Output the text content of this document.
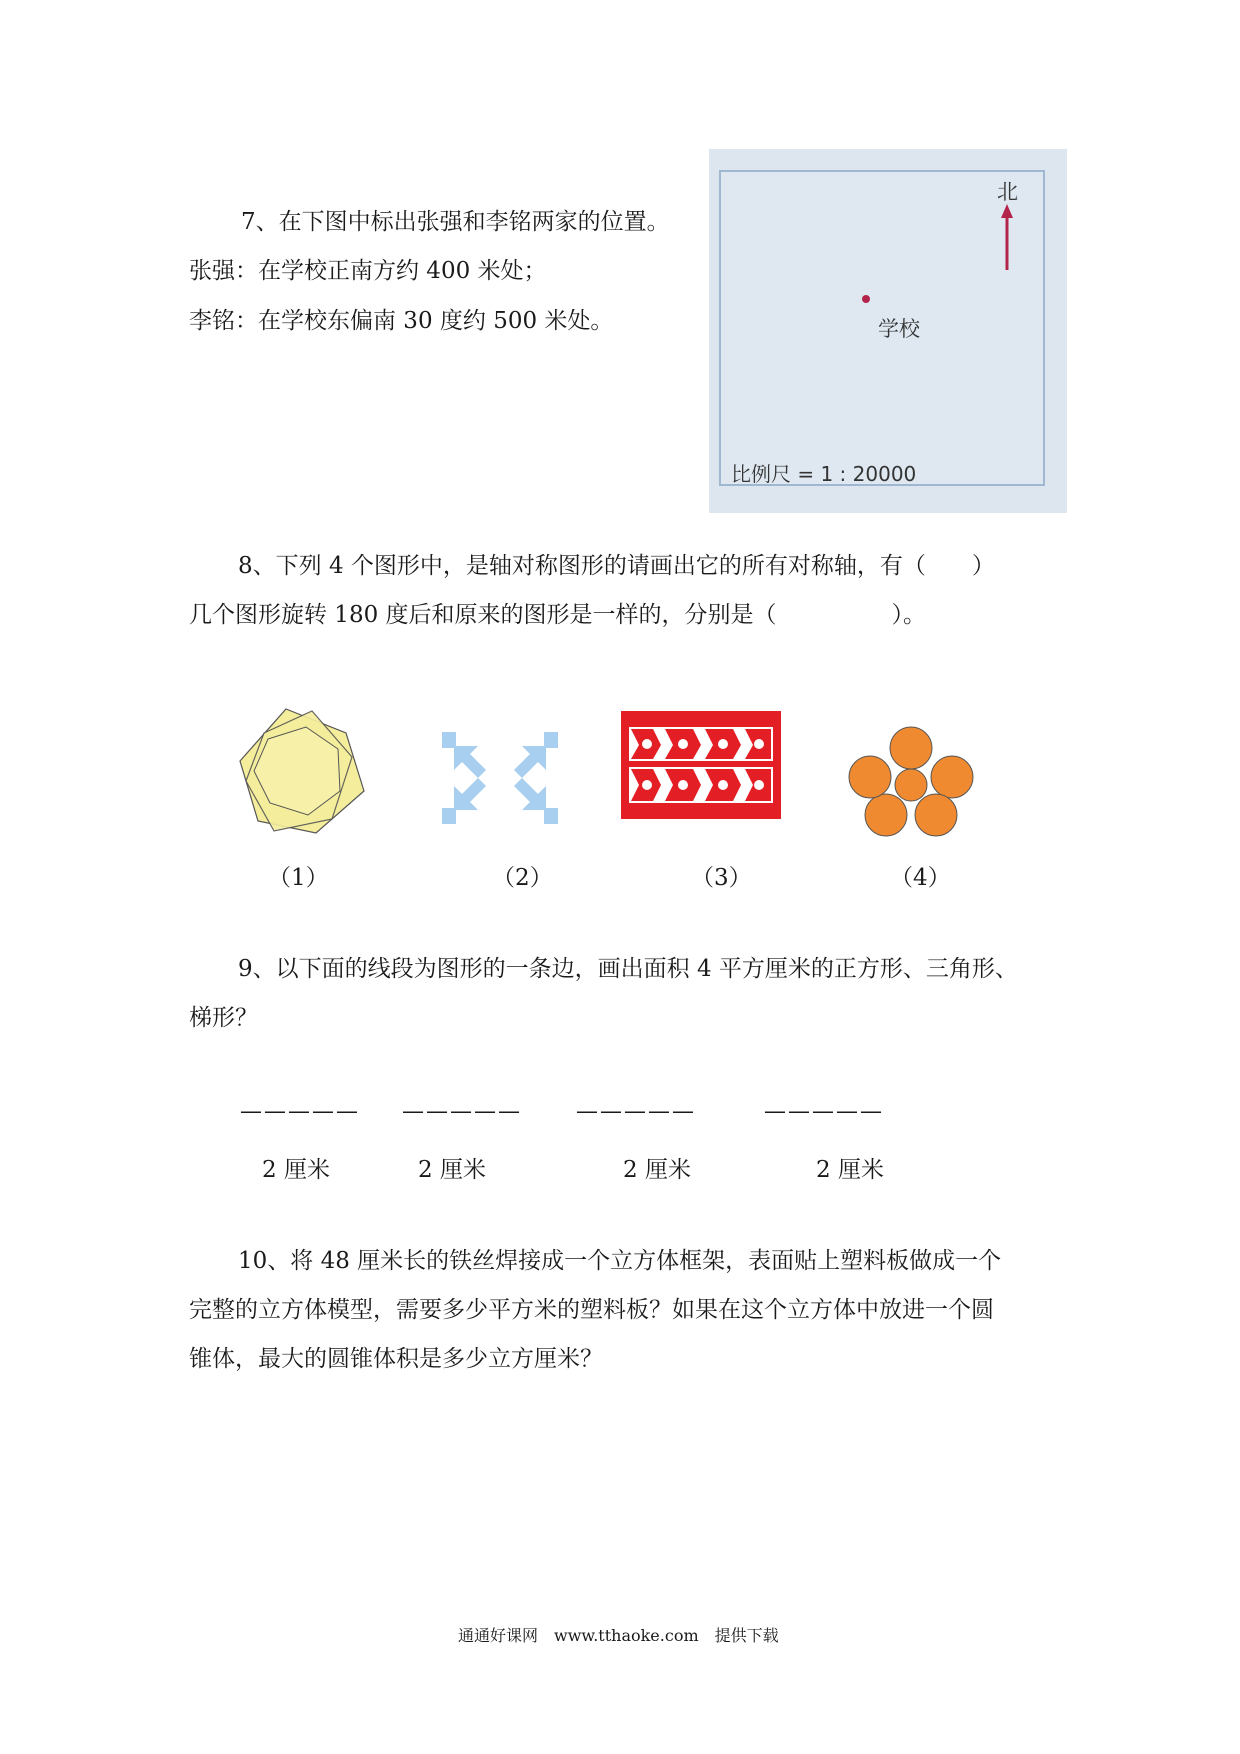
7、在下图中标出张强和李铭两家的位置。
张强：在学校正南方约 400 米处；
李铭：在学校东偏南 30 度约 500 米处。
北
学校
比例尺 = 1 : 20000
8、下列 4 个图形中，是轴对称图形的请画出它的所有对称轴，有（　　）
几个图形旋转 180 度后和原来的图形是一样的，分别是（　　　　　）。
（1）	（2）	（3）	（4）
9、以下面的线段为图形的一条边，画出面积 4 平方厘米的正方形、三角形、
梯形？
————— ————— —————	—————
2 厘米	2 厘米	2 厘米	2 厘米
10、将 48 厘米长的铁丝焊接成一个立方体框架，表面贴上塑料板做成一个
完整的立方体模型，需要多少平方米的塑料板？如果在这个立方体中放进一个圆
锥体，最大的圆锥体积是多少立方厘米？
通通好课网　www.tthaoke.com　提供下载
